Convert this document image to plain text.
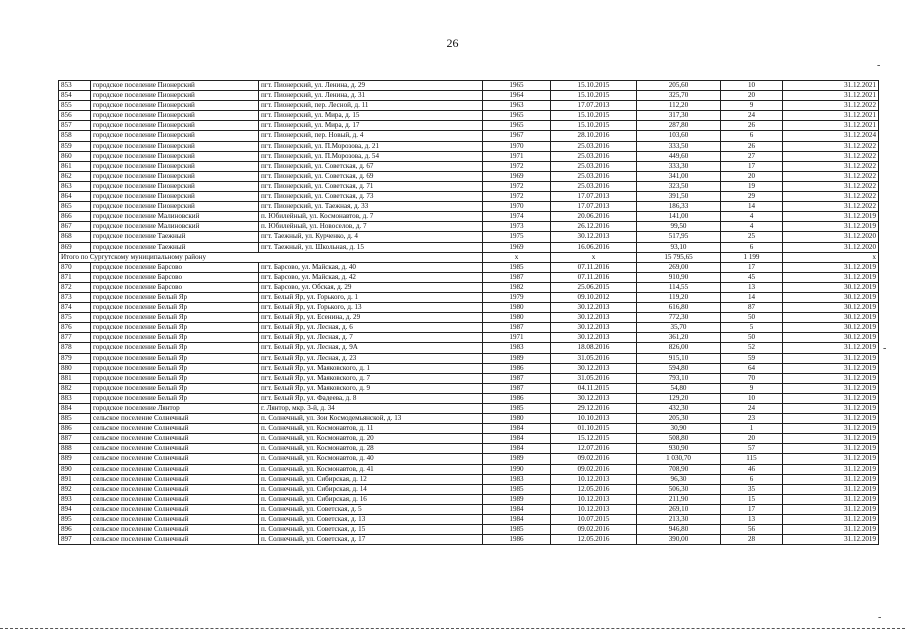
26
853	городское поселение Пионерский	пгт. Пионерский, ул. Ленина, д. 29	1965	15.10.2015	205,60	10	31.12.2021
854	городское поселение Пионерский	пгт. Пионерский, ул. Ленина, д. 31	1964	15.10.2015	325,70	20	31.12.2021
855	городское поселение Пионерский	пгт. Пионерский, пер. Лесной, д. 11	1963	17.07.2013	112,20	9	31.12.2022
856	городское поселение Пионерский	пгт. Пионерский, ул. Мира, д. 15	1965	15.10.2015	317,30	24	31.12.2021
857	городское поселение Пионерский	пгт. Пионерский, ул. Мира, д. 17	1965	15.10.2015	287,80	26	31.12.2021
858	городское поселение Пионерский	пгт. Пионерский, пер. Новый, д. 4	1967	28.10.2016	103,60	6	31.12.2024
859	городское поселение Пионерский	пгт. Пионерский, ул. П.Морозова, д. 21	1970	25.03.2016	333,50	26	31.12.2022
860	городское поселение Пионерский	пгт. Пионерский, ул. П.Морозова, д. 54	1971	25.03.2016	449,60	27	31.12.2022
861	городское поселение Пионерский	пгт. Пионерский, ул. Советская, д. 67	1972	25.03.2016	333,30	17	31.12.2022
862	городское поселение Пионерский	пгт. Пионерский, ул. Советская, д. 69	1969	25.03.2016	341,00	20	31.12.2022
863	городское поселение Пионерский	пгт. Пионерский, ул. Советская, д. 71	1972	25.03.2016	323,50	19	31.12.2022
864	городское поселение Пионерский	пгт. Пионерский, ул. Советская, д. 73	1972	17.07.2013	391,50	29	31.12.2022
865	городское поселение Пионерский	пгт. Пионерский, ул. Таежная, д. 33	1970	17.07.2013	186,33	14	31.12.2022
866	городское поселение Малиновский	п. Юбилейный, ул. Космонавтов, д. 7	1974	20.06.2016	141,00	4	31.12.2019
867	городское поселение Малиновский	п. Юбилейный, ул. Новоселов, д. 7	1973	26.12.2016	99,50	4	31.12.2019
868	городское поселение Таежный	пгт. Таежный, ул. Курченко, д. 4	1975	30.12.2013	517,95	25	31.12.2020
869	городское поселение Таежный	пгт. Таежный, ул. Школьная, д. 15	1969	16.06.2016	93,10	6	31.12.2020
Итого по Сургутскому муниципальному району			x	x	15 795,65	1 199	x
870	городское поселение Барсово	пгт. Барсово, ул. Майская, д. 40	1985	07.11.2016	269,00	17	31.12.2019
871	городское поселение Барсово	пгт. Барсово, ул. Майская, д. 42	1987	07.11.2016	910,90	45	31.12.2019
872	городское поселение Барсово	пгт. Барсово, ул. Обская, д. 29	1982	25.06.2015	114,55	13	30.12.2019
873	городское поселение Белый Яр	пгт. Белый Яр, ул. Горького, д. 1	1979	09.10.2012	119,20	14	30.12.2019
874	городское поселение Белый Яр	пгт. Белый Яр, ул. Горького, д. 13	1980	30.12.2013	616,80	87	30.12.2019
875	городское поселение Белый Яр	пгт. Белый Яр, ул. Есенина, д. 29	1980	30.12.2013	772,30	50	30.12.2019
876	городское поселение Белый Яр	пгт. Белый Яр, ул. Лесная, д. 6	1987	30.12.2013	35,70	5	30.12.2019
877	городское поселение Белый Яр	пгт. Белый Яр, ул. Лесная, д. 7	1971	30.12.2013	361,20	50	30.12.2019
878	городское поселение Белый Яр	пгт. Белый Яр, ул. Лесная, д. 9А	1983	18.08.2016	826,00	52	31.12.2019
879	городское поселение Белый Яр	пгт. Белый Яр, ул. Лесная, д. 23	1989	31.05.2016	915,10	59	31.12.2019
880	городское поселение Белый Яр	пгт. Белый Яр, ул. Маяковского, д. 1	1986	30.12.2013	594,80	64	31.12.2019
881	городское поселение Белый Яр	пгт. Белый Яр, ул. Маяковского, д. 7	1987	31.05.2016	793,10	70	31.12.2019
882	городское поселение Белый Яр	пгт. Белый Яр, ул. Маяковского, д. 9	1987	04.11.2015	54,80	9	31.12.2019
883	городское поселение Белый Яр	пгт. Белый Яр, ул. Фадеева, д. 8	1986	30.12.2013	129,20	10	31.12.2019
884	городское поселение Лянтор	г. Лянтор, мкр. 3-й, д. 34	1985	29.12.2016	432,30	24	31.12.2019
885	сельское поселение Солнечный	п. Солнечный, ул. Зои Космодемьянской, д. 13	1980	10.10.2013	205,30	23	31.12.2019
886	сельское поселение Солнечный	п. Солнечный, ул. Космонавтов, д. 11	1984	01.10.2015	30,90	1	31.12.2019
887	сельское поселение Солнечный	п. Солнечный, ул. Космонавтов, д. 20	1984	15.12.2015	508,80	20	31.12.2019
888	сельское поселение Солнечный	п. Солнечный, ул. Космонавтов, д. 28	1984	12.07.2016	930,90	57	31.12.2019
889	сельское поселение Солнечный	п. Солнечный, ул. Космонавтов, д. 40	1989	09.02.2016	1 030,70	115	31.12.2019
890	сельское поселение Солнечный	п. Солнечный, ул. Космонавтов, д. 41	1990	09.02.2016	708,90	46	31.12.2019
891	сельское поселение Солнечный	п. Солнечный, ул. Сибирская, д. 12	1983	10.12.2013	96,30	6	31.12.2019
892	сельское поселение Солнечный	п. Солнечный, ул. Сибирская, д. 14	1985	12.05.2016	506,30	35	31.12.2019
893	сельское поселение Солнечный	п. Солнечный, ул. Сибирская, д. 16	1989	10.12.2013	211,90	15	31.12.2019
894	сельское поселение Солнечный	п. Солнечный, ул. Советская, д. 5	1984	10.12.2013	269,10	17	31.12.2019
895	сельское поселение Солнечный	п. Солнечный, ул. Советская, д. 13	1984	10.07.2015	213,30	13	31.12.2019
896	сельское поселение Солнечный	п. Солнечный, ул. Советская, д. 15	1985	09.02.2016	946,80	56	31.12.2019
897	сельское поселение Солнечный	п. Солнечный, ул. Советская, д. 17	1986	12.05.2016	390,00	28	31.12.2019
-
-
-
